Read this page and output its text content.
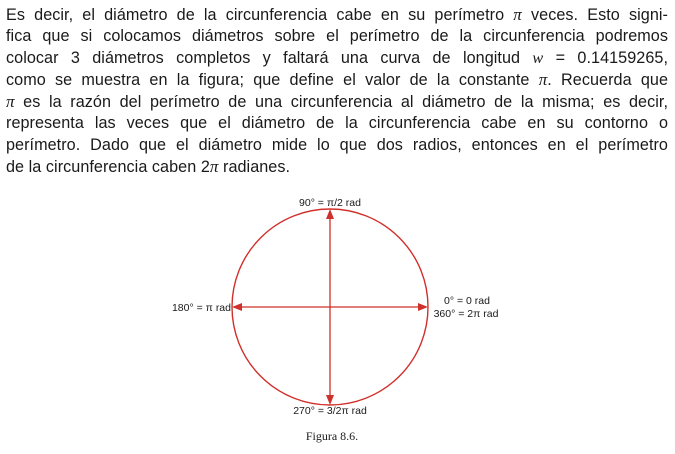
Es decir, el diámetro de la circunferencia cabe en su perímetro π veces. Esto signi-
fica que si colocamos diámetros sobre el perímetro de la circunferencia podremos
colocar 3 diámetros completos y faltará una curva de longitud w = 0.14159265,
como se muestra en la figura; que define el valor de la constante π. Recuerda que
π es la razón del perímetro de una circunferencia al diámetro de la misma; es decir,
representa las veces que el diámetro de la circunferencia cabe en su contorno o
perímetro. Dado que el diámetro mide lo que dos radios, entonces en el perímetro
de la circunferencia caben 2π radianes.
90° = π/2 rad
180° = π rad
0° = 0 rad
360° = 2π rad
270° = 3/2π rad
Figura 8.6.
